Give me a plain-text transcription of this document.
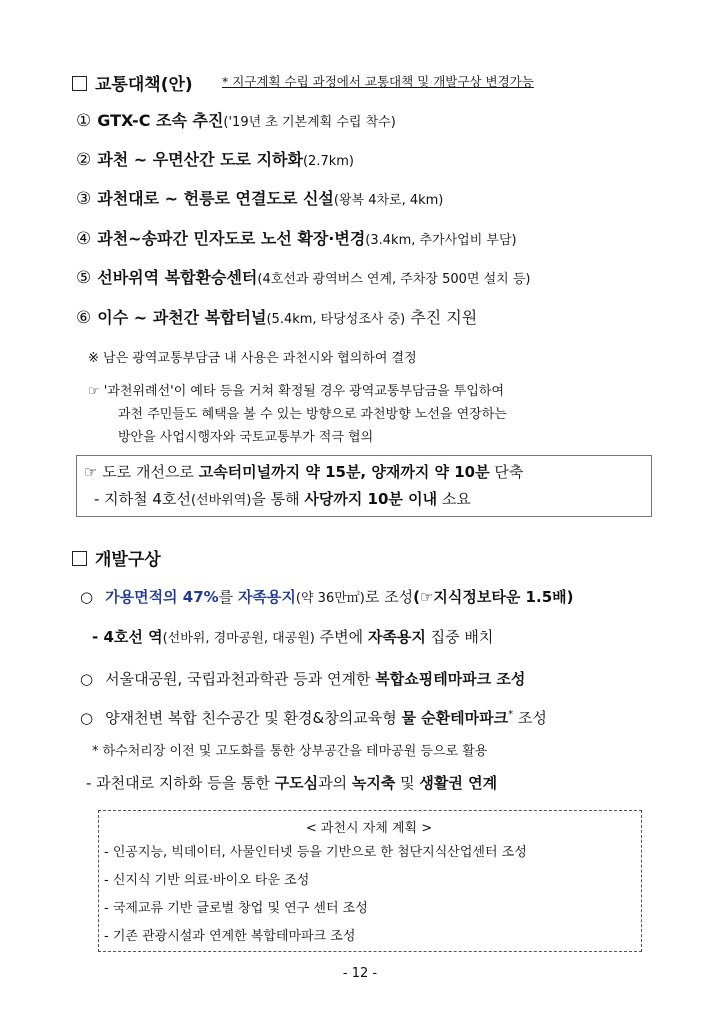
교통대책(안) * 지구계획 수립 과정에서 교통대책 및 개발구상 변경가능
① GTX-C 조속 추진('19년 초 기본계획 수립 착수)
② 과천 ~ 우면산간 도로 지하화(2.7km)
③ 과천대로 ~ 헌릉로 연결도로 신설(왕복 4차로, 4km)
④ 과천~송파간 민자도로 노선 확장·변경(3.4km, 추가사업비 부담)
⑤ 선바위역 복합환승센터(4호선과 광역버스 연계, 주차장 500면 설치 등)
⑥ 이수 ~ 과천간 복합터널(5.4km, 타당성조사 중) 추진 지원
※ 남은 광역교통부담금 내 사용은 과천시와 협의하여 결정
☞ '과천위례선'이 예타 등을 거쳐 확정될 경우 광역교통부담금을 투입하여
과천 주민들도 혜택을 볼 수 있는 방향으로 과천방향 노선을 연장하는
방안을 사업시행자와 국토교통부가 적극 협의
☞ 도로 개선으로 고속터미널까지 약 15분, 양재까지 약 10분 단축
- 지하철 4호선(선바위역)을 통해 사당까지 10분 이내 소요
개발구상
○ 가용면적의 47%를 자족용지(약 36만㎡)로 조성(☞지식정보타운 1.5배)
- 4호선 역(선바위, 경마공원, 대공원) 주변에 자족용지 집중 배치
○ 서울대공원, 국립과천과학관 등과 연계한 복합쇼핑테마파크 조성
○ 양재천변 복합 친수공간 및 환경&창의교육형 물 순환테마파크* 조성
* 하수처리장 이전 및 고도화를 통한 상부공간을 테마공원 등으로 활용
- 과천대로 지하화 등을 통한 구도심과의 녹지축 및 생활권 연계
< 과천시 자체 계획 >
- 인공지능, 빅데이터, 사물인터넷 등을 기반으로 한 첨단지식산업센터 조성
- 신지식 기반 의료·바이오 타운 조성
- 국제교류 기반 글로벌 창업 및 연구 센터 조성
- 기존 관광시설과 연계한 복합테마파크 조성
- 12 -
